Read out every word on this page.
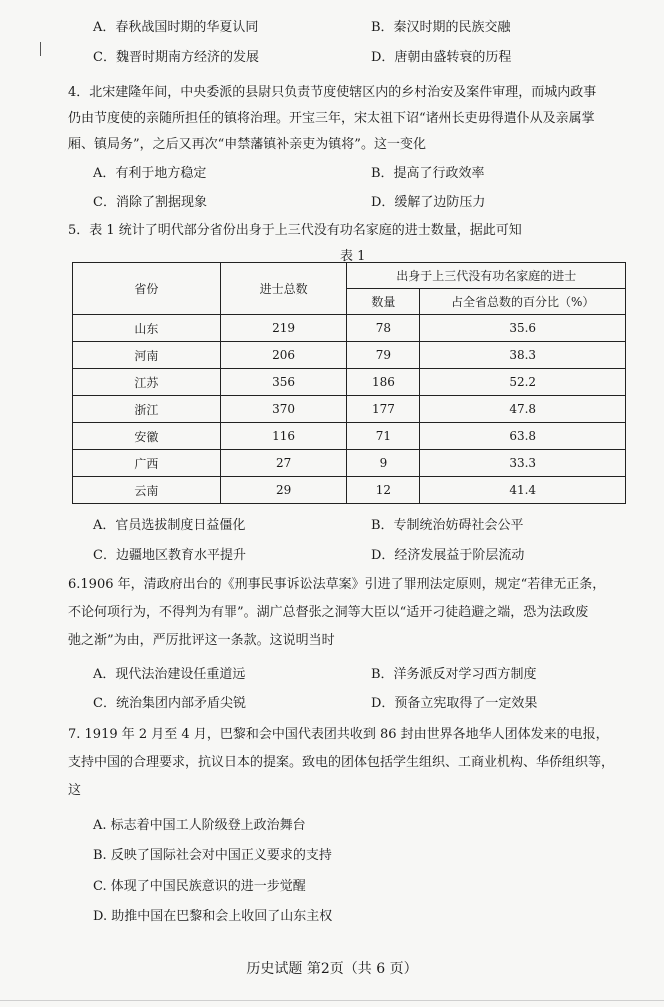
A．春秋战国时期的华夏认同	B．秦汉时期的民族交融
C．魏晋时期南方经济的发展	D．唐朝由盛转衰的历程
4．北宋建隆年间，中央委派的县尉只负责节度使辖区内的乡村治安及案件审理，而城内政事
仍由节度使的亲随所担任的镇将治理。开宝三年，宋太祖下诏“诸州长吏毋得遣仆从及亲属掌
厢、镇局务”，之后又再次“申禁藩镇补亲吏为镇将”。这一变化
A．有利于地方稳定	B．提高了行政效率
C．消除了割据现象	D．缓解了边防压力
5．表 1 统计了明代部分省份出身于上三代没有功名家庭的进士数量，据此可知
表 1
省份	进士总数	出身于上三代没有功名家庭的进士	
		数量	占全省总数的百分比（%）
山东	219	78	35.6
河南	206	79	38.3
江苏	356	186	52.2
浙江	370	177	47.8
安徽	116	71	63.8
广西	27	9	33.3
云南	29	12	41.4
A．官员选拔制度日益僵化	B．专制统治妨碍社会公平
C．边疆地区教育水平提升	D．经济发展益于阶层流动
6.1906 年，清政府出台的《刑事民事诉讼法草案》引进了罪刑法定原则，规定“若律无正条，
不论何项行为，不得判为有罪”。湖广总督张之洞等大臣以“适开刁徒趋避之端，恐为法政废
弛之渐”为由，严厉批评这一条款。这说明当时
A．现代法治建设任重道远	B．洋务派反对学习西方制度
C．统治集团内部矛盾尖锐	D．预备立宪取得了一定效果
7. 1919 年 2 月至 4 月，巴黎和会中国代表团共收到 86 封由世界各地华人团体发来的电报，
支持中国的合理要求，抗议日本的提案。致电的团体包括学生组织、工商业机构、华侨组织等，
这
A. 标志着中国工人阶级登上政治舞台
B. 反映了国际社会对中国正义要求的支持
C. 体现了中国民族意识的进一步觉醒
D. 助推中国在巴黎和会上收回了山东主权
历史试题 第2页（共 6 页）
